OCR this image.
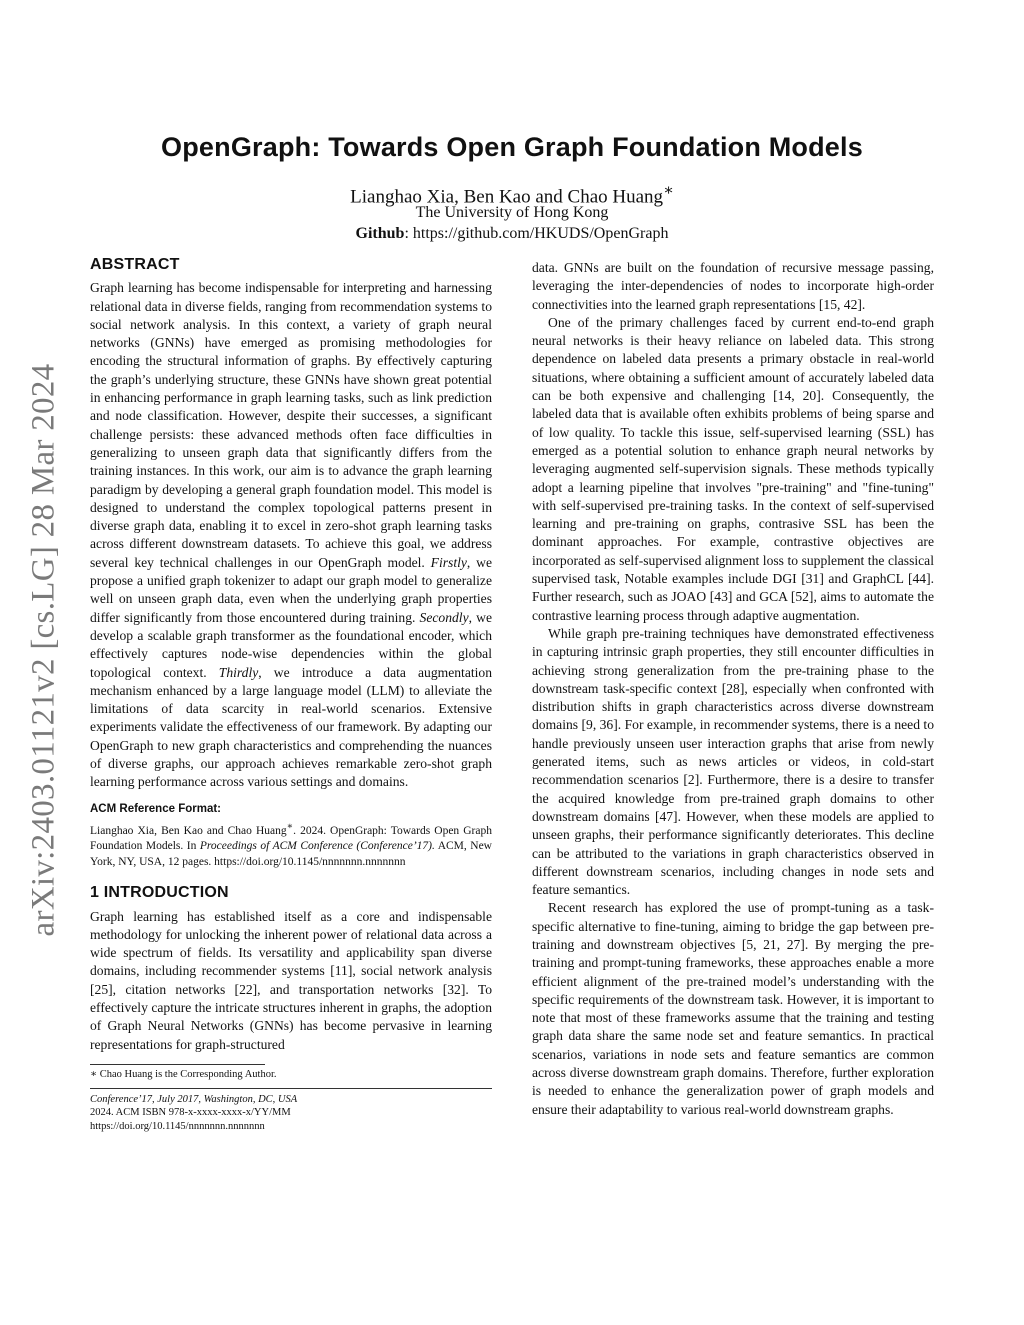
arXiv:2403.01121v2 [cs.LG] 28 Mar 2024
OpenGraph: Towards Open Graph Foundation Models
Lianghao Xia, Ben Kao and Chao Huang∗
The University of Hong Kong
Github: https://github.com/HKUDS/OpenGraph
ABSTRACT

Graph learning has become indispensable for interpreting and harnessing relational data in diverse fields, ranging from recommendation systems to social network analysis. In this context, a variety of graph neural networks (GNNs) have emerged as promising methodologies for encoding the structural information of graphs. By effectively capturing the graph’s underlying structure, these GNNs have shown great potential in enhancing performance in graph learning tasks, such as link prediction and node classification. However, despite their successes, a significant challenge persists: these advanced methods often face difficulties in generalizing to unseen graph data that significantly differs from the training instances. In this work, our aim is to advance the graph learning paradigm by developing a general graph foundation model. This model is designed to understand the complex topological patterns present in diverse graph data, enabling it to excel in zero-shot graph learning tasks across different downstream datasets. To achieve this goal, we address several key technical challenges in our OpenGraph model. Firstly, we propose a unified graph tokenizer to adapt our graph model to generalize well on unseen graph data, even when the underlying graph properties differ significantly from those encountered during training. Secondly, we develop a scalable graph transformer as the foundational encoder, which effectively captures node-wise dependencies within the global topological context. Thirdly, we introduce a data augmentation mechanism enhanced by a large language model (LLM) to alleviate the limitations of data scarcity in real-world scenarios. Extensive experiments validate the effectiveness of our framework. By adapting our OpenGraph to new graph characteristics and comprehending the nuances of diverse graphs, our approach achieves remarkable zero-shot graph learning performance across various settings and domains.

ACM Reference Format:

Lianghao Xia, Ben Kao and Chao Huang∗. 2024. OpenGraph: Towards Open Graph Foundation Models. In Proceedings of ACM Conference (Conference’17). ACM, New York, NY, USA, 12 pages. https://doi.org/10.1145/nnnnnnn.nnnnnnn

1 INTRODUCTION

Graph learning has established itself as a core and indispensable methodology for unlocking the inherent power of relational data across a wide spectrum of fields. Its versatility and applicability span diverse domains, including recommender systems [11], social network analysis [25], citation networks [22], and transportation networks [32]. To effectively capture the intricate structures inherent in graphs, the adoption of Graph Neural Networks (GNNs) has become pervasive in learning representations for graph-structured

∗ Chao Huang is the Corresponding Author.
Conference’17, July 2017, Washington, DC, USA
2024. ACM ISBN 978-x-xxxx-xxxx-x/YY/MM
https://doi.org/10.1145/nnnnnnn.nnnnnnn

data. GNNs are built on the foundation of recursive message passing, leveraging the inter-dependencies of nodes to incorporate high-order connectivities into the learned graph representations [15, 42].

One of the primary challenges faced by current end-to-end graph neural networks is their heavy reliance on labeled data. This strong dependence on labeled data presents a primary obstacle in real-world situations, where obtaining a sufficient amount of accurately labeled data can be both expensive and challenging [14, 20]. Consequently, the labeled data that is available often exhibits problems of being sparse and of low quality. To tackle this issue, self-supervised learning (SSL) has emerged as a potential solution to enhance graph neural networks by leveraging augmented self-supervision signals. These methods typically adopt a learning pipeline that involves "pre-training" and "fine-tuning" with self-supervised pre-training tasks. In the context of self-supervised learning and pre-training on graphs, contrasive SSL has been the dominant approaches. For example, contrastive objectives are incorporated as self-supervised alignment loss to supplement the classical supervised task, Notable examples include DGI [31] and GraphCL [44]. Further research, such as JOAO [43] and GCA [52], aims to automate the contrastive learning process through adaptive augmentation.

While graph pre-training techniques have demonstrated effectiveness in capturing intrinsic graph properties, they still encounter difficulties in achieving strong generalization from the pre-training phase to the downstream task-specific context [28], especially when confronted with distribution shifts in graph characteristics across diverse downstream domains [9, 36]. For example, in recommender systems, there is a need to handle previously unseen user interaction graphs that arise from newly generated items, such as news articles or videos, in cold-start recommendation scenarios [2]. Furthermore, there is a desire to transfer the acquired knowledge from pre-trained graph domains to other downstream domains [47]. However, when these models are applied to unseen graphs, their performance significantly deteriorates. This decline can be attributed to the variations in graph characteristics observed in different downstream scenarios, including changes in node sets and feature semantics.

Recent research has explored the use of prompt-tuning as a task-specific alternative to fine-tuning, aiming to bridge the gap between pre-training and downstream objectives [5, 21, 27]. By merging the pre-training and prompt-tuning frameworks, these approaches enable a more efficient alignment of the pre-trained model’s understanding with the specific requirements of the downstream task. However, it is important to note that most of these frameworks assume that the training and testing graph data share the same node set and feature semantics. In practical scenarios, variations in node sets and feature semantics are common across diverse downstream graph domains. Therefore, further exploration is needed to enhance the generalization power of graph models and ensure their adaptability to various real-world downstream graphs.
